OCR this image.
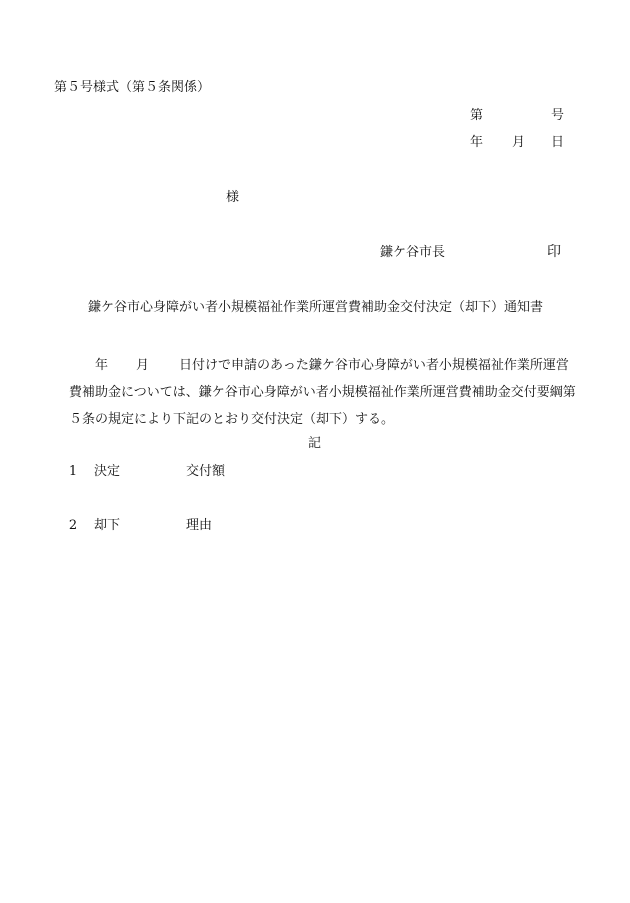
第５号様式（第５条関係）
第	号
年 月 日
様
鎌ケ谷市長	印
鎌ケ谷市心身障がい者小規模福祉作業所運営費補助金交付決定（却下）通知書
年 月 日付けで申請のあった鎌ケ谷市心身障がい者小規模福祉作業所運営費補助金については、鎌ケ谷市心身障がい者小規模福祉作業所運営費補助金交付要綱第５条の規定により下記のとおり交付決定（却下）する。
記
1 決定	交付額
2 却下	理由
